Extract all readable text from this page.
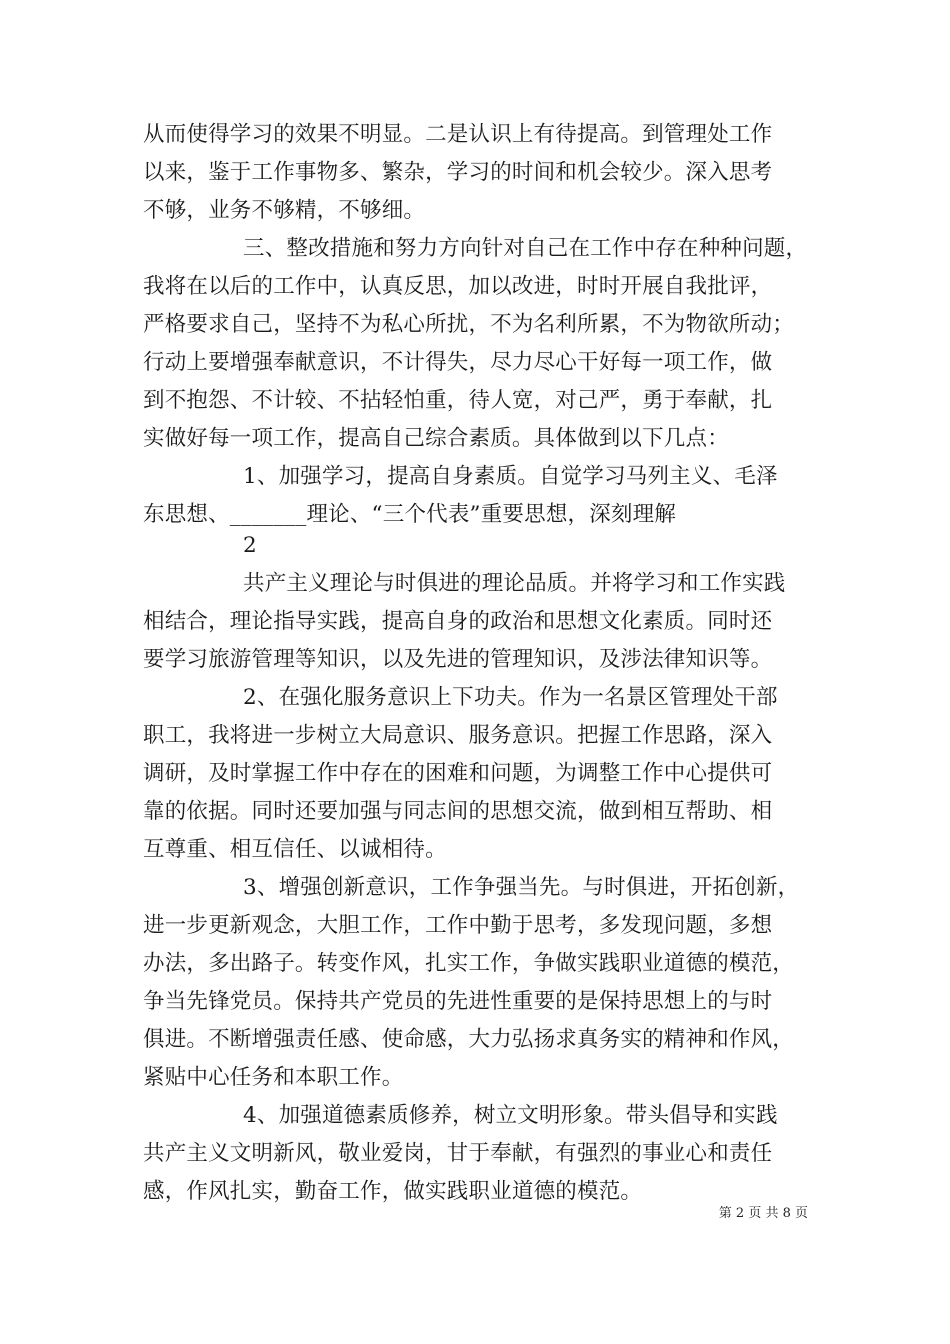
从而使得学习的效果不明显。二是认识上有待提高。到管理处工作
以来，鉴于工作事物多、繁杂，学习的时间和机会较少。深入思考
不够，业务不够精，不够细。
三、整改措施和努力方向针对自己在工作中存在种种问题，
我将在以后的工作中，认真反思，加以改进，时时开展自我批评，
严格要求自己，坚持不为私心所扰，不为名利所累，不为物欲所动；
行动上要增强奉献意识，不计得失，尽力尽心干好每一项工作，做
到不抱怨、不计较、不拈轻怕重，待人宽，对己严，勇于奉献，扎
实做好每一项工作，提高自己综合素质。具体做到以下几点：
1、加强学习，提高自身素质。自觉学习马列主义、毛泽
东思想、_______理论、“三个代表”重要思想，深刻理解
2
共产主义理论与时俱进的理论品质。并将学习和工作实践
相结合，理论指导实践，提高自身的政治和思想文化素质。同时还
要学习旅游管理等知识，以及先进的管理知识，及涉法律知识等。
2、在强化服务意识上下功夫。作为一名景区管理处干部
职工，我将进一步树立大局意识、服务意识。把握工作思路，深入
调研，及时掌握工作中存在的困难和问题，为调整工作中心提供可
靠的依据。同时还要加强与同志间的思想交流，做到相互帮助、相
互尊重、相互信任、以诚相待。
3、增强创新意识，工作争强当先。与时俱进，开拓创新，
进一步更新观念，大胆工作，工作中勤于思考，多发现问题，多想
办法，多出路子。转变作风，扎实工作，争做实践职业道德的模范，
争当先锋党员。保持共产党员的先进性重要的是保持思想上的与时
俱进。不断增强责任感、使命感，大力弘扬求真务实的精神和作风，
紧贴中心任务和本职工作。
4、加强道德素质修养，树立文明形象。带头倡导和实践
共产主义文明新风，敬业爱岗，甘于奉献，有强烈的事业心和责任
感，作风扎实，勤奋工作，做实践职业道德的模范。
第 2 页 共 8 页
